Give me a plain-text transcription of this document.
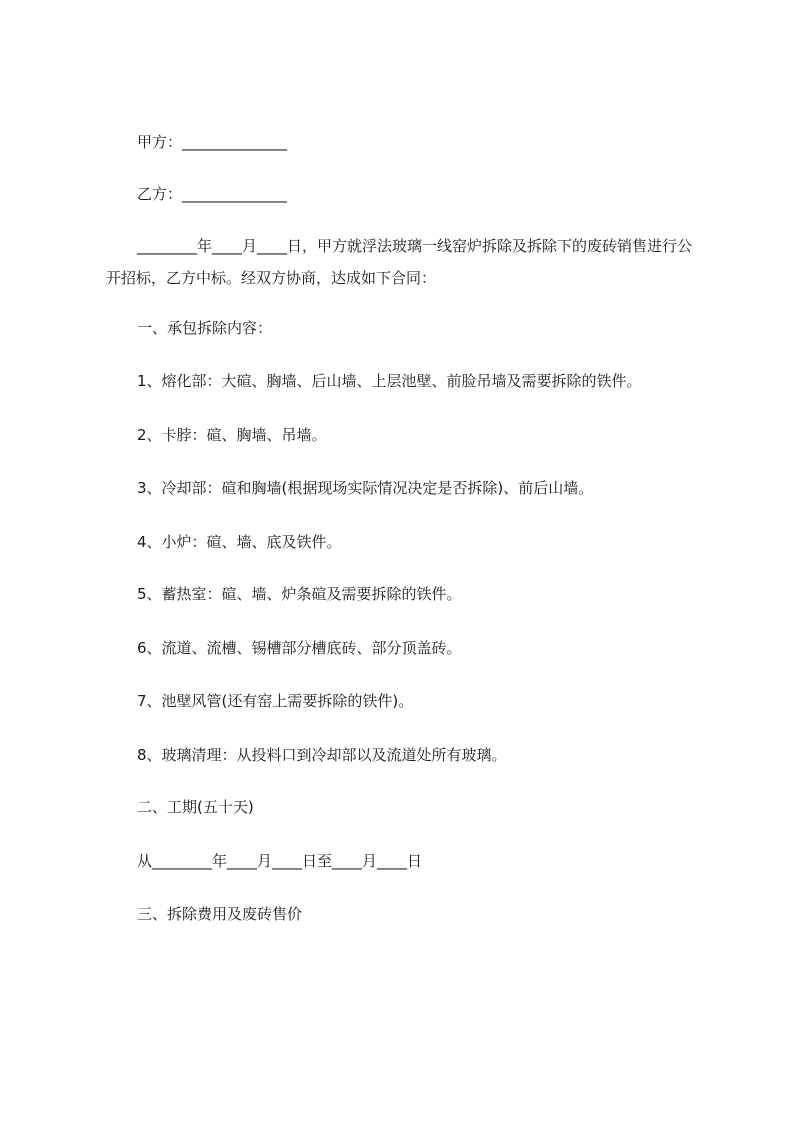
甲方：______________
乙方：______________
________年____月____日，甲方就浮法玻璃一线窑炉拆除及拆除下的废砖销售进行公开招标，乙方中标。经双方协商，达成如下合同：
一、承包拆除内容：
1、熔化部：大碹、胸墙、后山墙、上层池壁、前脸吊墙及需要拆除的铁件。
2、卡脖：碹、胸墙、吊墙。
3、冷却部：碹和胸墙(根据现场实际情况决定是否拆除)、前后山墙。
4、小炉：碹、墙、底及铁件。
5、蓄热室：碹、墙、炉条碹及需要拆除的铁件。
6、流道、流槽、锡槽部分槽底砖、部分顶盖砖。
7、池壁风管(还有窑上需要拆除的铁件)。
8、玻璃清理：从投料口到冷却部以及流道处所有玻璃。
二、工期(五十天)
从________年____月____日至____月____日
三、拆除费用及废砖售价
